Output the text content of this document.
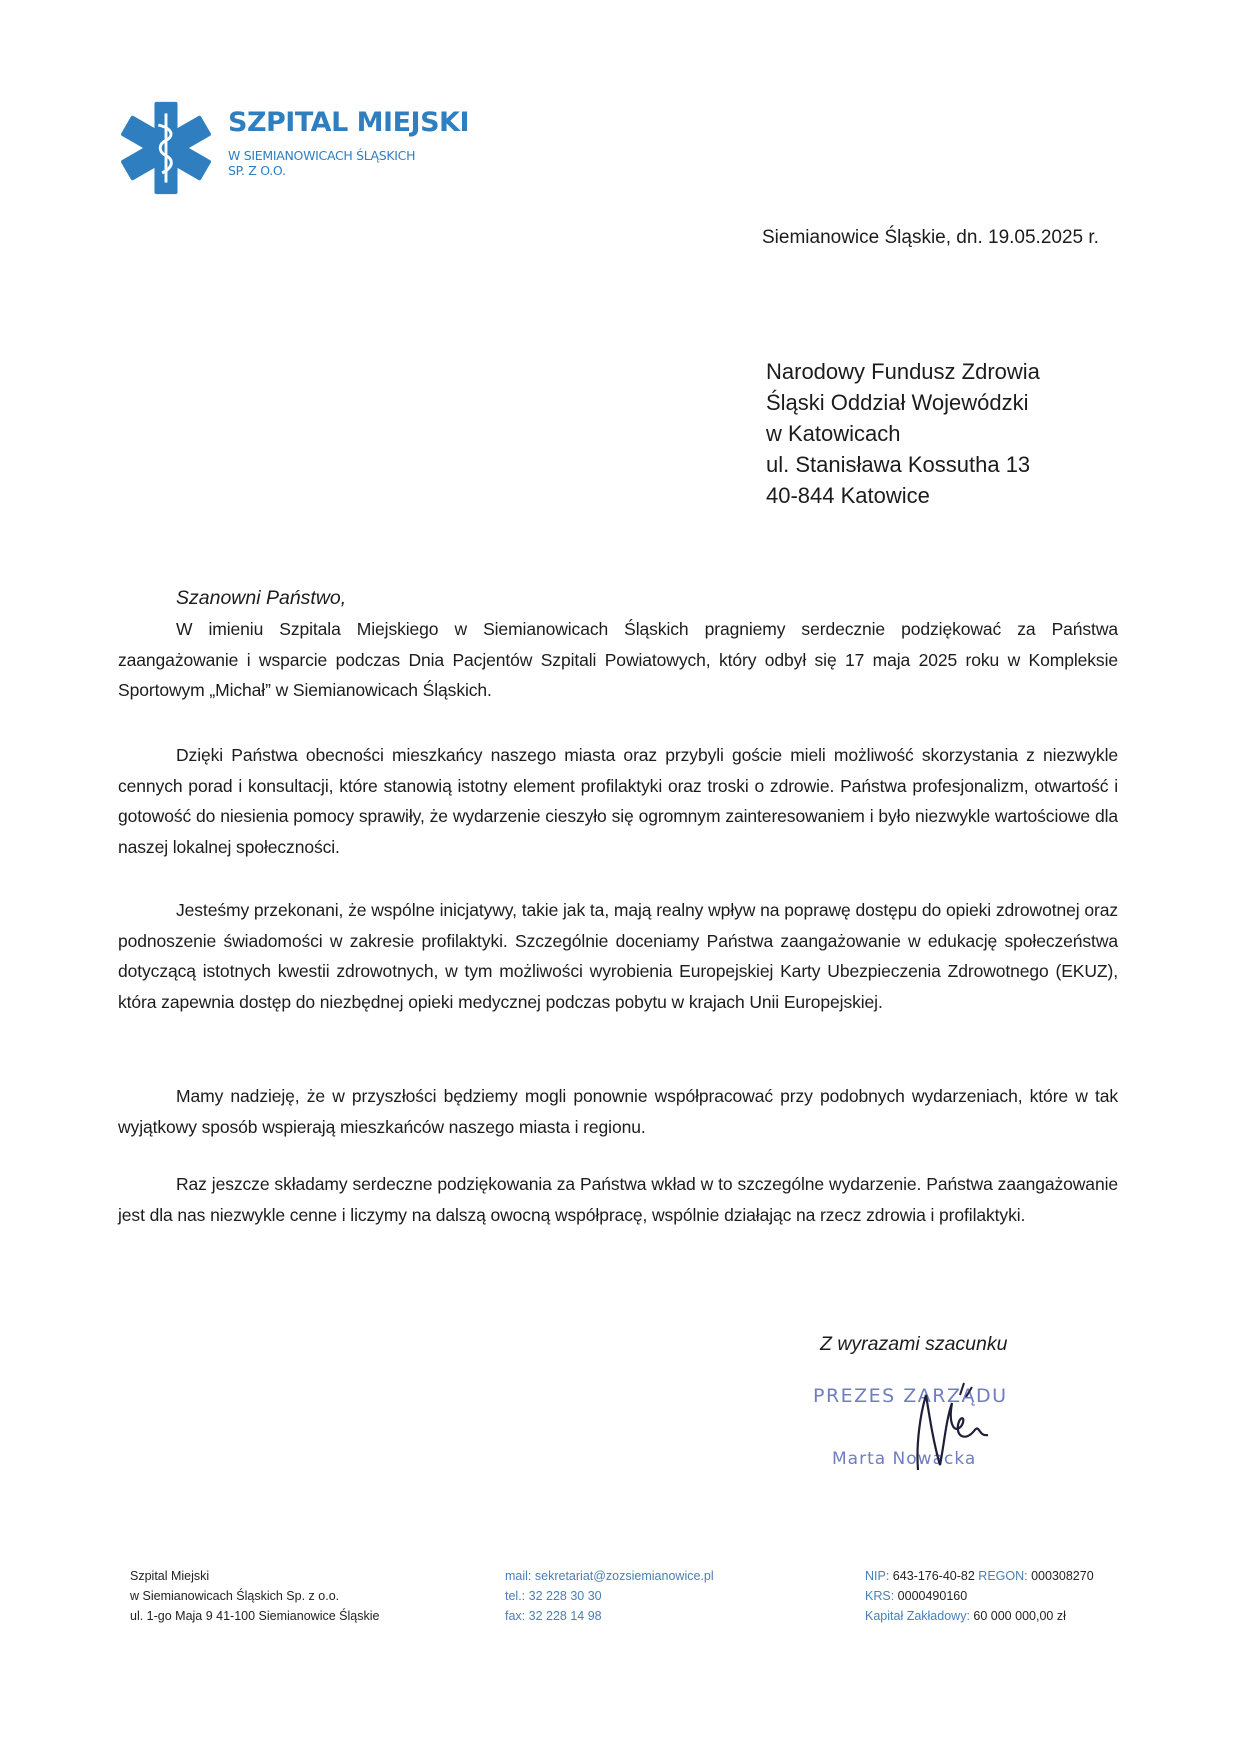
SZPITAL MIEJSKI
W SIEMIANOWICACH ŚLĄSKICH
SP. Z O.O.
Siemianowice Śląskie, dn. 19.05.2025 r.
Narodowy Fundusz Zdrowia
Śląski Oddział Wojewódzki
w Katowicach
ul. Stanisława Kossutha 13
40-844 Katowice
Szanowni Państwo,

W imieniu Szpitala Miejskiego w Siemianowicach Śląskich pragniemy serdecznie podziękować za Państwa zaangażowanie i wsparcie podczas Dnia Pacjentów Szpitali Powiatowych, który odbył się 17 maja 2025 roku w Kompleksie Sportowym „Michał” w Siemianowicach Śląskich.

Dzięki Państwa obecności mieszkańcy naszego miasta oraz przybyli goście mieli możliwość skorzystania z niezwykle cennych porad i konsultacji, które stanowią istotny element profilaktyki oraz troski o zdrowie. Państwa profesjonalizm, otwartość i gotowość do niesienia pomocy sprawiły, że wydarzenie cieszyło się ogromnym zainteresowaniem i było niezwykle wartościowe dla naszej lokalnej społeczności.

Jesteśmy przekonani, że wspólne inicjatywy, takie jak ta, mają realny wpływ na poprawę dostępu do opieki zdrowotnej oraz podnoszenie świadomości w zakresie profilaktyki. Szczególnie doceniamy Państwa zaangażowanie w edukację społeczeństwa dotyczącą istotnych kwestii zdrowotnych, w tym możliwości wyrobienia Europejskiej Karty Ubezpieczenia Zdrowotnego (EKUZ), która zapewnia dostęp do niezbędnej opieki medycznej podczas pobytu w krajach Unii Europejskiej.

Mamy nadzieję, że w przyszłości będziemy mogli ponownie współpracować przy podobnych wydarzeniach, które w tak wyjątkowy sposób wspierają mieszkańców naszego miasta i regionu.

Raz jeszcze składamy serdeczne podziękowania za Państwa wkład w to szczególne wydarzenie. Państwa zaangażowanie jest dla nas niezwykle cenne i liczymy na dalszą owocną współpracę, wspólnie działając na rzecz zdrowia i profilaktyki.

Z wyrazami szacunku
PREZES ZARZĄDU
Marta Nowacka
Szpital Miejski
w Siemianowicach Śląskich Sp. z o.o.
ul. 1-go Maja 9 41-100 Siemianowice Śląskie
mail: sekretariat@zozsiemianowice.pl
tel.: 32 228 30 30
fax: 32 228 14 98
NIP: 643-176-40-82 REGON: 000308270
KRS: 0000490160
Kapitał Zakładowy: 60 000 000,00 zł
